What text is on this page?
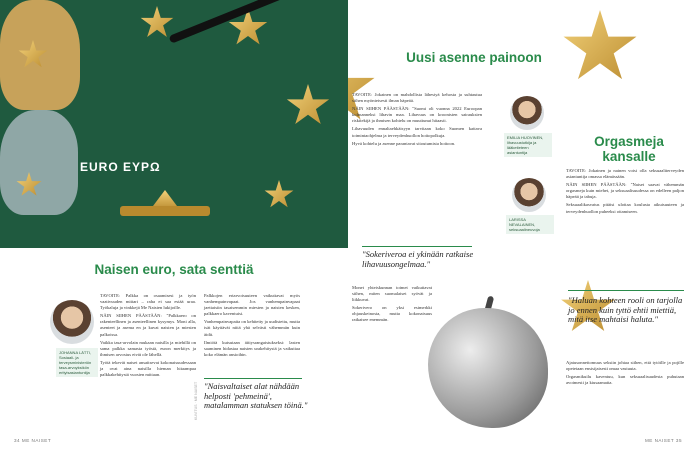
EURO ΕΥΡΩ
Naisen euro, sata senttiä
JOHANNA LÄTTI, Sosiaali- ja terveysministeriön tasa-arvoyksikön erityisasiantuntija

TAVOITE: Palkka on osaamisesi ja työn vaativuuden mittari – raha ei saa estää uraa. Työkaluja ja vinkkejä Me Naisten lukijoille.

NÄIN SIIHEN PÄÄSTÄÄN: "Palkkaero on rakenteellinen ja asenteellinen kysymys. Moni alla, asenteet ja asema en ja kuvat naisten ja miesten palkoissa.

Vaikka tasa-arvolain mukaan naisilla ja miehillä on sama palkka samasta työstä, euron merkitys ja ihmisen arvostus eivät ole lähellä.

Työtä tekevät naiset ansaitsevat kokonaisuudessaan ja ovat aina naisilla hieman hitaampaa palkkakehitystä vuosien mittaan.

Palkkojen eriarvoisuuteen vaikuttavat myös vanhempainvapaat. Jos vanhempainvapaat jaettaisiin tasaisemmin miesten ja naisten kesken, palkkaero kaventuisi.

Vanhempainvapaita on kehitetty ja uudistettu, mutta isät käyttävät niitä yhä selvästi vähemmän kuin äidit.

Ilmiötä kutsutaan äitiysrangaistukseksi: lasten saaminen hidastaa naisten urakehitystä ja vaikuttaa koko elämän ansioihin.

"Naisvaltaiset alat nähdään helposti 'pehmeinä', matalamman statuksen töinä."
KUVITUS · ME NAISET
34 ME NAISET
Uusi asenne painoon

TAVOITE: Jokainen on mahdollista lähestyä kehosta ja suhtautua siihen myönteisesti ilman häpeää.

NÄIN SIIHEN PÄÄSTÄÄN: "Suomi oli vuonna 2022 Euroopan kolmanneksi lihavin maa. Lihavuus on kroonisten sairauksien riskitekijä ja ihmisen kohtelu on muuttunut hitaasti.

Lihavuuden ennaltaehkäisyyn tarvitaan koko Suomen kattava toimintaohjelma ja terveydenhuollon hoitopolkuja.

Hyvä kohtelu ja asenne parantavat sitoutumista hoitoon.

EMILIA HUOVINEN, lihavuustutkija ja lääketieteen asiantuntija
LARISSA NEVALAINEN, seksuaalineuvoja
"Sokeriveroa ei ykinään ratkaise lihavuusongelmaa."

Monet yhteiskunnan toimet vaikuttavat siihen, miten suomalaiset syövät ja liikkuvat.

Sokerivero on yksi esimerkki ohjauskeinosta, mutta kokonaisuus ratkaisee enemmän.

Orgasmeja kansalle

TAVOITE: Jokainen ja nainen voisi olla seksuaaliterveyden asiantuntija omassa elämässään.

NÄIN SIIHEN PÄÄSTÄÄN: "Naiset saavat vähemmän orgasmeja kuin miehet, ja seksuaalisuudessa on edelleen paljon häpeää ja tabuja.

Seksuaalikasvatus pitäisi ulottaa koulusta aikuisuuteen ja terveydenhuollon puheeksi ottamiseen.

"Haluan kohteen rooli on tarjolla jo ennen kuin tyttö ehtii miettiä, mitä itse mahtaisi haluta."

Ajatusonnettomuus seksiin johtaa siihen, että tytöille ja pojille opetetaan ensisijaisesti omaa vastuuta.

Orgasmikuilu kaventuu, kun seksuaalisuudesta puhutaan avoimesti ja kiusaamatta.

ME NAISET 35
